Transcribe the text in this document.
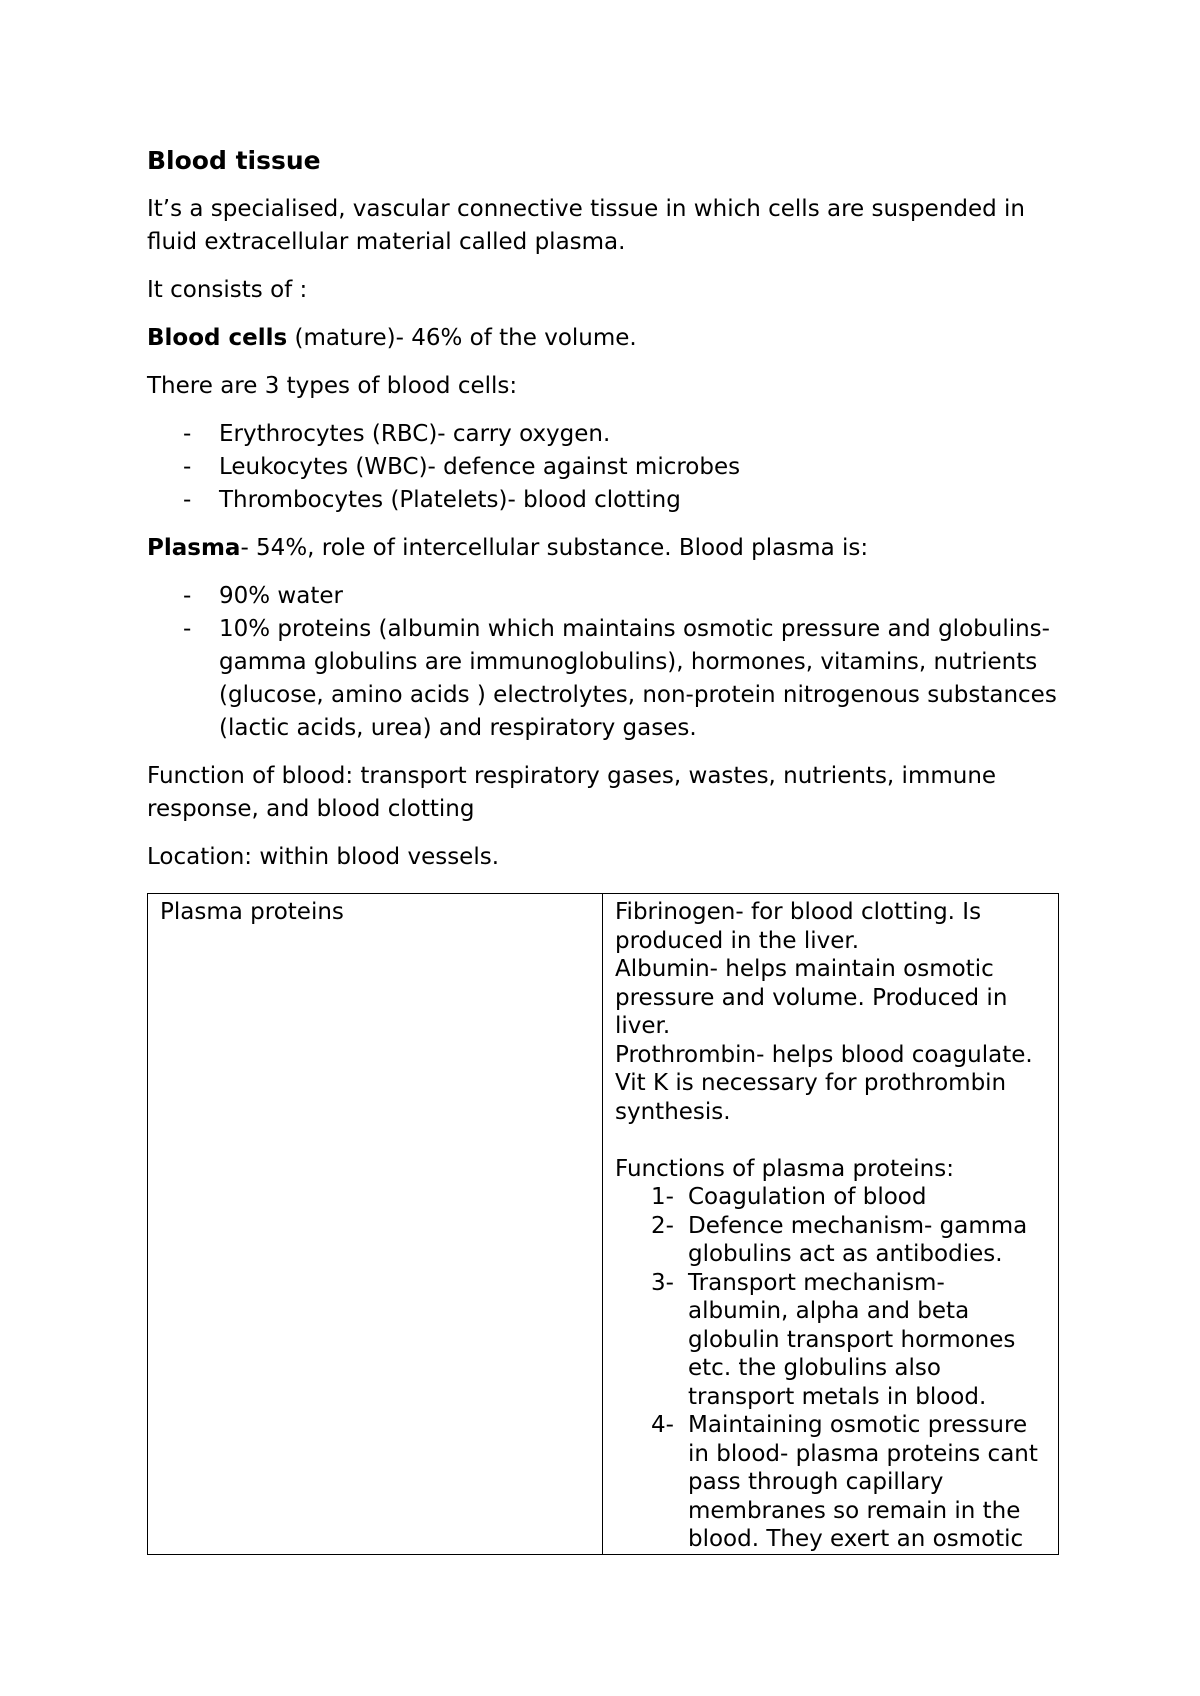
Blood tissue

It’s a specialised, vascular connective tissue in which cells are suspended in fluid extracellular material called plasma.

It consists of :

Blood cells (mature)- 46% of the volume.

There are 3 types of blood cells:

- Erythrocytes (RBC)- carry oxygen.
- Leukocytes (WBC)- defence against microbes
- Thrombocytes (Platelets)- blood clotting

Plasma- 54%, role of intercellular substance. Blood plasma is:

- 90% water
- 10% proteins (albumin which maintains osmotic pressure and globulins- gamma globulins are immunoglobulins), hormones, vitamins, nutrients (glucose, amino acids ) electrolytes, non-protein nitrogenous substances (lactic acids, urea) and respiratory gases.

Function of blood: transport respiratory gases, wastes, nutrients, immune response, and blood clotting

Location: within blood vessels.

Plasma proteins	Fibrinogen- for blood clotting. Is produced in the liver.
Albumin- helps maintain osmotic pressure and volume. Produced in liver.
Prothrombin- helps blood coagulate. Vit K is necessary for prothrombin synthesis.
Functions of plasma proteins:
1- Coagulation of blood
2- Defence mechanism- gamma globulins act as antibodies.
3- Transport mechanism- albumin, alpha and beta globulin transport hormones etc. the globulins also transport metals in blood.
4- Maintaining osmotic pressure in blood- plasma proteins cant pass through capillary membranes so remain in the blood. They exert an osmotic
